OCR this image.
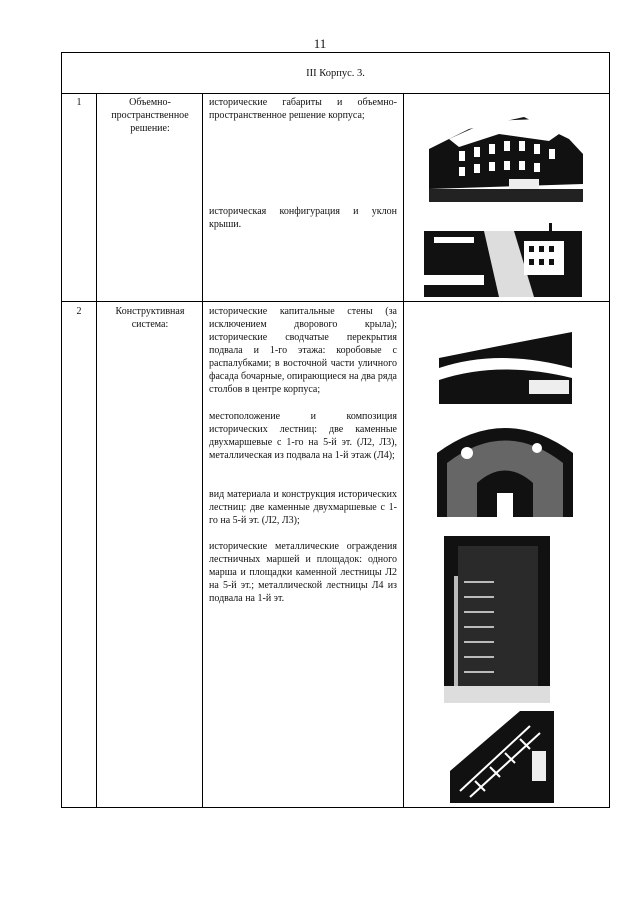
11
III Корпус. 3.
1	Объемно-пространственное решение:
исторические габариты и объемно-пространственное решение корпуса;
историческая конфигурация и уклон крыши.
2	Конструктивная система:
исторические капитальные стены (за исключением дворового крыла); исторические сводчатые перекрытия подвала и 1-го этажа: коробовые с распалубками; в восточной части уличного фасада бочарные, опирающиеся на два ряда столбов в центре корпуса;
местоположение и композиция исторических лестниц: две каменные двухмаршевые с 1-го на 5-й эт. (Л2, Л3), металлическая из подвала на 1-й этаж (Л4);
вид материала и конструкция исторических лестниц: две каменные двухмаршевые с 1-го на 5-й эт. (Л2, Л3);
исторические металлические ограждения лестничных маршей и площадок: одного марша и площадки каменной лестницы Л2 на 5-й эт.; металлической лестницы Л4 из подвала на 1-й эт.
